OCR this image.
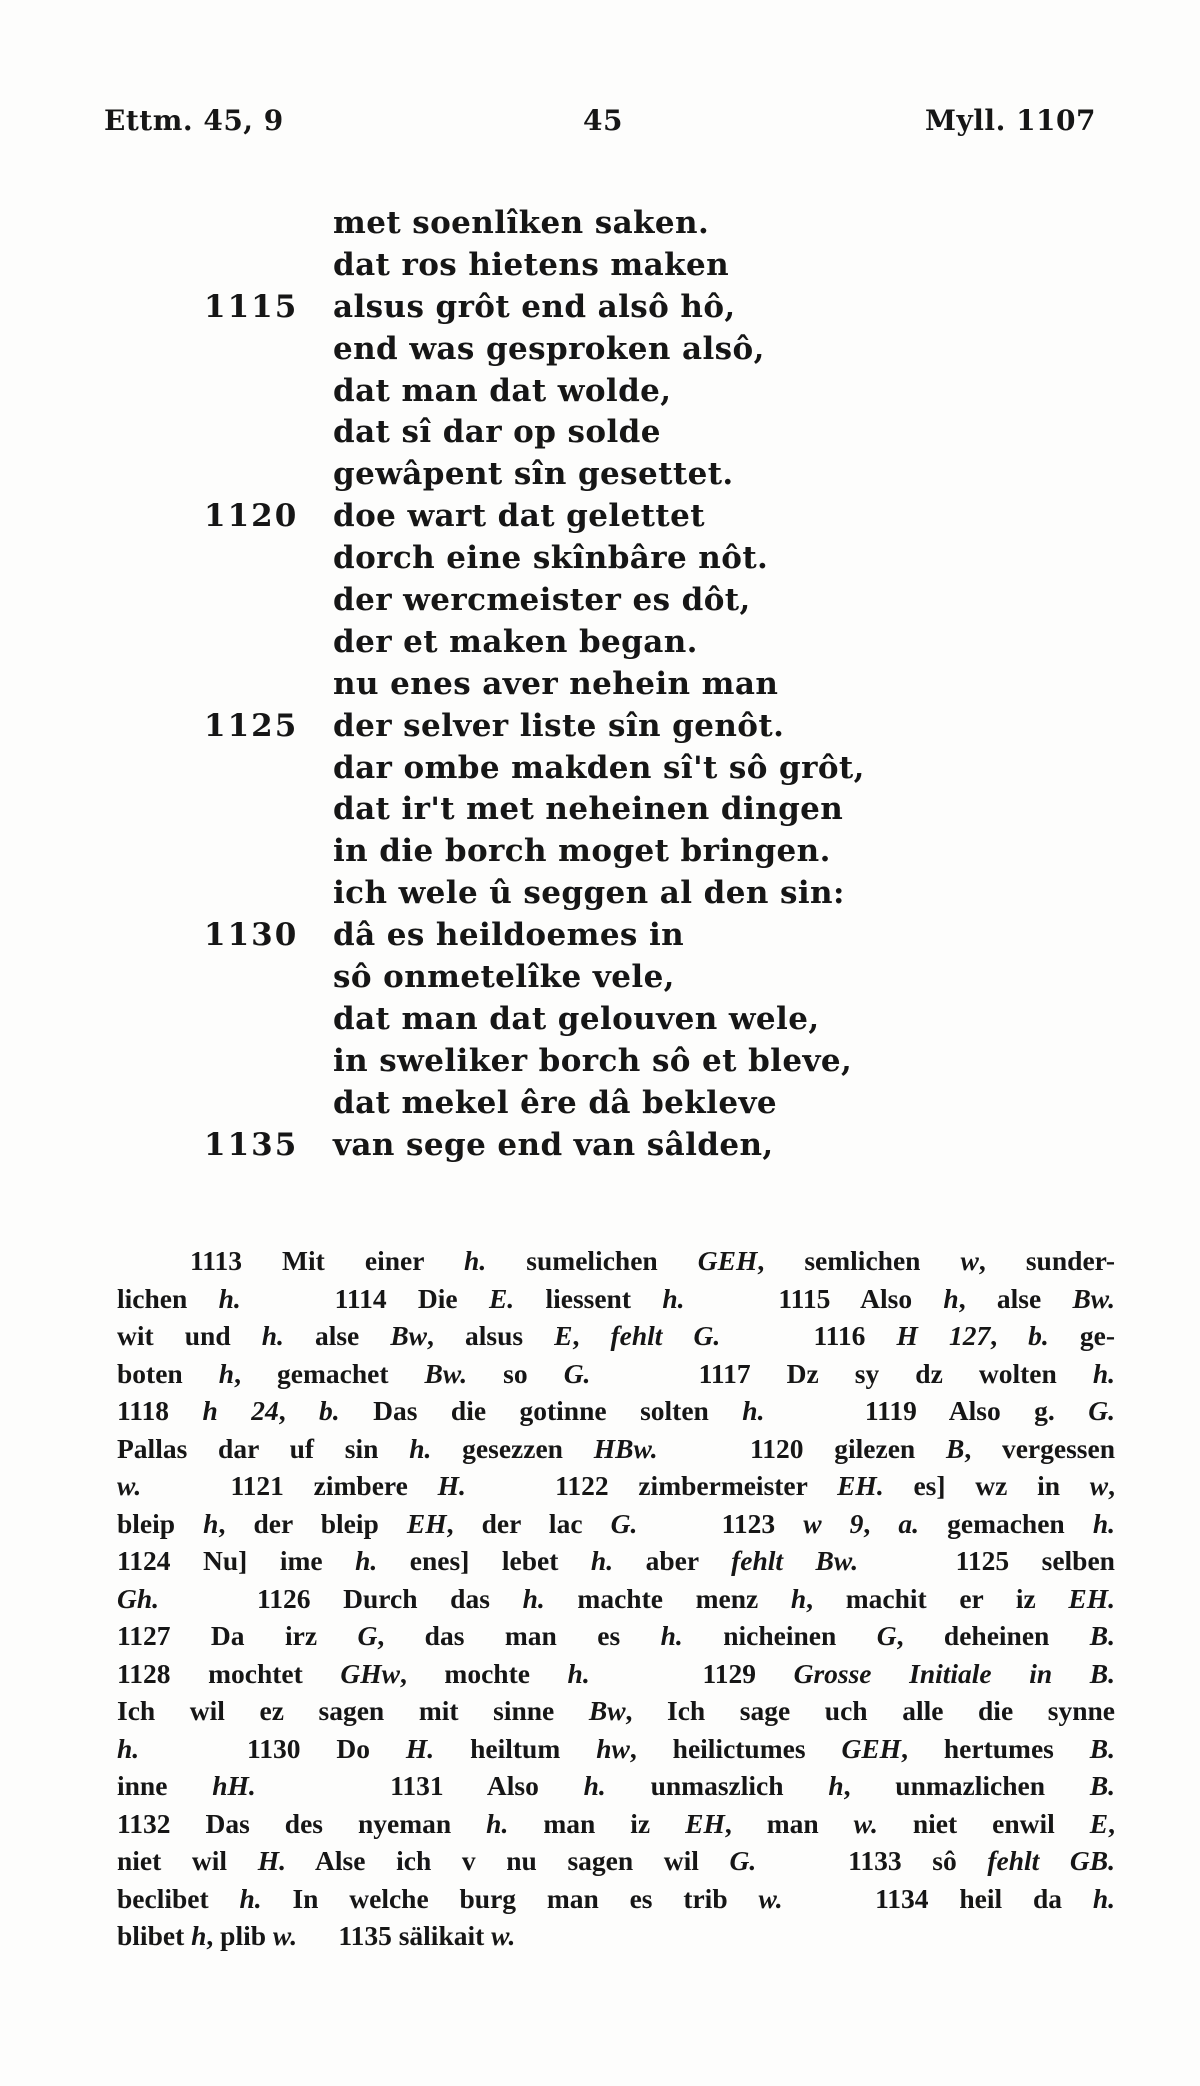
Ettm. 45, 9	45	Myll. 1107
met soenlîken saken.
dat ros hietens maken
1115 alsus grôt end alsô hô,
end was gesproken alsô,
dat man dat wolde,
dat sî dar op solde
gewâpent sîn gesettet.
1120 doe wart dat gelettet
dorch eine skînbâre nôt.
der wercmeister es dôt,
der et maken began.
nu enes aver nehein man
1125 der selver liste sîn genôt.
dar ombe makden sî't sô grôt,
dat ir't met neheinen dingen
in die borch moget bringen.
ich wele û seggen al den sin:
1130 dâ es heildoemes in
sô onmetelîke vele,
dat man dat gelouven wele,
in sweliker borch sô et bleve,
dat mekel êre dâ bekleve
1135 van sege end van sâlden,
1113 Mit einer h. sumelichen GEH, semlichen w, sunder-
lichen h.   1114 Die E. liessent h.   1115 Also h, alse Bw.
wit und h. alse Bw, alsus E, fehlt G.   1116 H 127, b. ge-
boten h, gemachet Bw. so G.   1117 Dz sy dz wolten h.
1118 h 24, b. Das die gotinne solten h.   1119 Also g. G.
Pallas dar uf sin h. gesezzen HBw.   1120 gilezen B, vergessen
w.   1121 zimbere H.   1122 zimbermeister EH. es] wz in w,
bleip h, der bleip EH, der lac G.   1123 w 9, a. gemachen h.
1124 Nu] ime h. enes] lebet h. aber fehlt Bw.   1125 selben
Gh.   1126 Durch das h. machte menz h, machit er iz EH.
1127 Da irz G, das man es h. nicheinen G, deheinen B.
1128 mochtet GHw, mochte h.   1129 Grosse Initiale in B.
Ich wil ez sagen mit sinne Bw, Ich sage uch alle die synne
h.   1130 Do H. heiltum hw, heilictumes GEH, hertumes B.
inne hH.   1131 Also h. unmaszlich h, unmazlichen B.
1132 Das des nyeman h. man iz EH, man w. niet enwil E,
niet wil H. Alse ich v nu sagen wil G.   1133 sô fehlt GB.
beclibet h. In welche burg man es trib w.   1134 heil da h.
blibet h, plib w.      1135 sälikait w.
